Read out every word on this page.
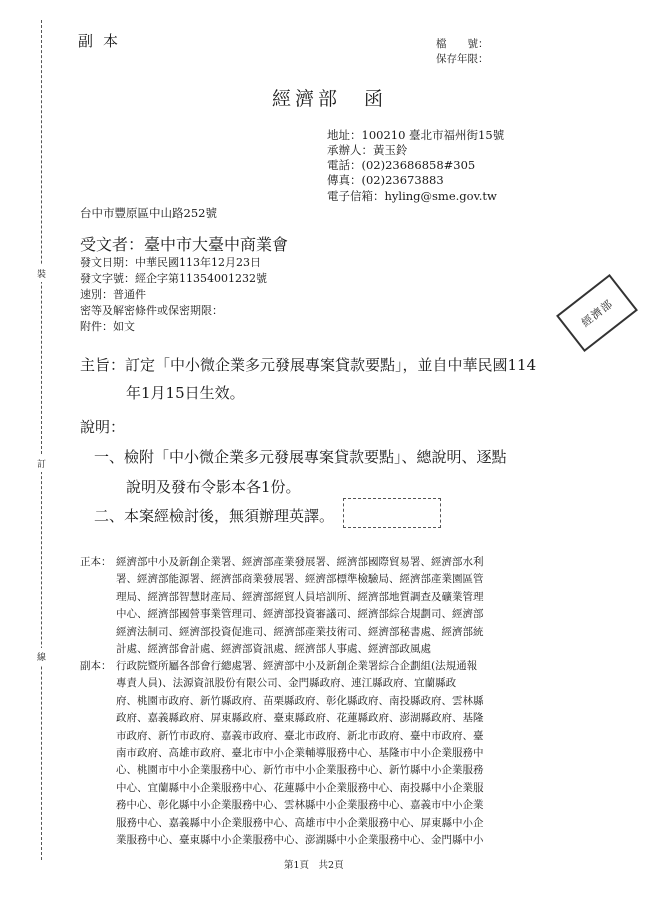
裝
訂
線
副本	檔　　號：
保存年限：
經濟部　函
地址：100210 臺北市福州街15號
承辦人：黃玉鈴
電話：(02)23686858#305
傳真：(02)23673883
電子信箱：hyling@sme.gov.tw
台中市豐原區中山路252號
受文者：臺中市大臺中商業會
發文日期：中華民國113年12月23日
發文字號：經企字第11354001232號
速別：普通件
密等及解密條件或保密期限：
附件：如文	經濟部
主旨：訂定「中小微企業多元發展專案貸款要點」，並自中華民國114
年1月15日生效。
說明：
一、檢附「中小微企業多元發展專案貸款要點」、總說明、逐點
說明及發布令影本各1份。
二、本案經檢討後，無須辦理英譯。
正本： 經濟部中小及新創企業署、經濟部產業發展署、經濟部國際貿易署、經濟部水利
署、經濟部能源署、經濟部商業發展署、經濟部標準檢驗局、經濟部產業園區管
理局、經濟部智慧財產局、經濟部經貿人員培訓所、經濟部地質調查及礦業管理
中心、經濟部國營事業管理司、經濟部投資審議司、經濟部綜合規劃司、經濟部
經濟法制司、經濟部投資促進司、經濟部產業技術司、經濟部秘書處、經濟部統
計處、經濟部會計處、經濟部資訊處、經濟部人事處、經濟部政風處
副本： 行政院暨所屬各部會行總處署、經濟部中小及新創企業署綜合企劃組(法規通報
專責人員)、法源資訊股份有限公司、金門縣政府、連江縣政府、宜蘭縣政
府、桃園市政府、新竹縣政府、苗栗縣政府、彰化縣政府、南投縣政府、雲林縣
政府、嘉義縣政府、屏東縣政府、臺東縣政府、花蓮縣政府、澎湖縣政府、基隆
市政府、新竹市政府、嘉義市政府、臺北市政府、新北市政府、臺中市政府、臺
南市政府、高雄市政府、臺北市中小企業輔導服務中心、基隆市中小企業服務中
心、桃園市中小企業服務中心、新竹市中小企業服務中心、新竹縣中小企業服務
中心、宜蘭縣中小企業服務中心、花蓮縣中小企業服務中心、南投縣中小企業服
務中心、彰化縣中小企業服務中心、雲林縣中小企業服務中心、嘉義市中小企業
服務中心、嘉義縣中小企業服務中心、高雄市中小企業服務中心、屏東縣中小企
業服務中心、臺東縣中小企業服務中心、澎湖縣中小企業服務中心、金門縣中小
第1頁　共2頁
